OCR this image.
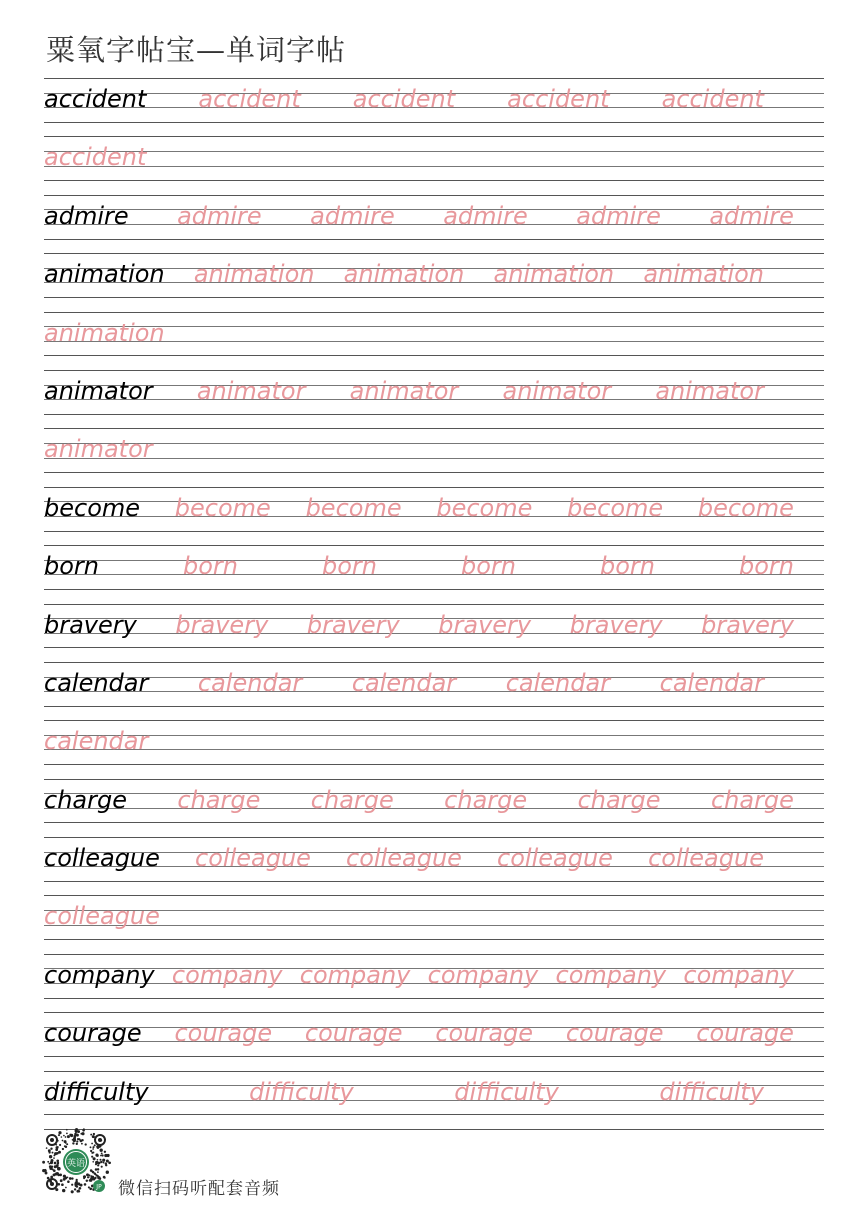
粟氧字帖宝—单词字帖
accident accident accident accident accident
accident
admire admire admire admire admire admire
animation animation animation animation animation
animation
animator animator animator animator animator
animator
become become become become become become
born	born	born	born	born	born
bravery bravery bravery bravery bravery bravery
calendar calendar calendar calendar calendar
calendar
charge charge charge charge charge charge
colleague colleague colleague colleague colleague
colleague
company company company company company company
courage courage courage courage courage courage
difficulty	difficulty	difficulty	difficulty
英语
JP 微信扫码听配套音频
